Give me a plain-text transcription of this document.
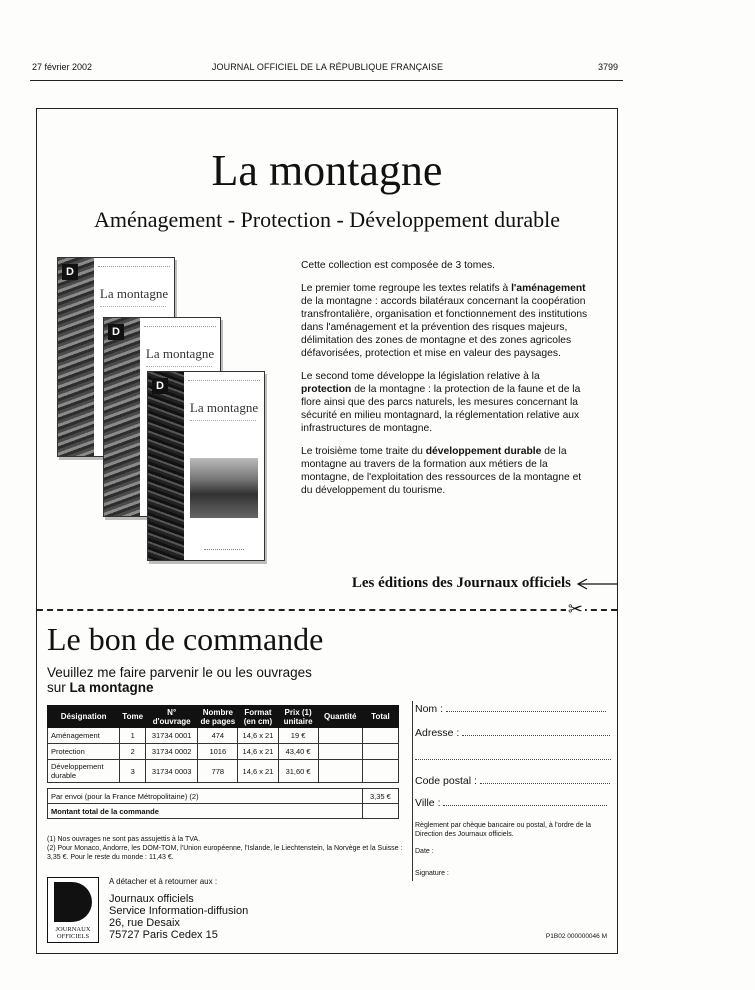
27 février 2002	JOURNAL OFFICIEL DE LA RÉPUBLIQUE FRANÇAISE	3799
La montagne
Aménagement - Protection - Développement durable
D
La montagne
D
La montagne
D
La montagne

Cette collection est composée de 3 tomes.

Le premier tome regroupe les textes relatifs à l'aménagement de la montagne : accords bilatéraux concernant la coopération transfrontalière, organisation et fonctionnement des institutions dans l'aménagement et la prévention des risques majeurs, délimitation des zones de montagne et des zones agricoles défavorisées, protection et mise en valeur des paysages.

Le second tome développe la législation relative à la protection de la montagne : la protection de la faune et de la flore ainsi que des parcs naturels, les mesures concernant la sécurité en milieu montagnard, la réglementation relative aux infrastructures de montagne.

Le troisième tome traite du développement durable de la montagne au travers de la formation aux métiers de la montagne, de l'exploitation des ressources de la montagne et du développement du tourisme.

Les éditions des Journaux officiels
✂
Le bon de commande
Veuillez me faire parvenir le ou les ouvrages
sur La montagne
Désignation	Tome	N° d'ouvrage	Nombre de pages	Format (en cm)	Prix (1) unitaire	Quantité	Total
Aménagement	1	31734 0001	474	14,6 x 21	19 €		
Protection	2	31734 0002	1016	14,6 x 21	43,40 €		
Développement durable	3	31734 0003	778	14,6 x 21	31,60 €		

Par envoi (pour la France Métropolitaine) (2)							3,35 €
Montant total de la commande							
(1) Nos ouvrages ne sont pas assujettis à la TVA.
(2) Pour Monaco, Andorre, les DOM-TOM, l'Union européenne, l'Islande, le Liechtenstein, la Norvège et la Suisse : 3,35 €. Pour le reste du monde : 11,43 €.
Nom :
Adresse :
Code postal :
Ville :
Règlement par chèque bancaire ou postal, à l'ordre de la Direction des Journaux officiels.
Date :
Signature :
JOURNAUX OFFICIELS
A détacher et à retourner aux :
Journaux officiels
Service Information-diffusion
26, rue Desaix
75727 Paris Cedex 15	P1B02 000000046 M
